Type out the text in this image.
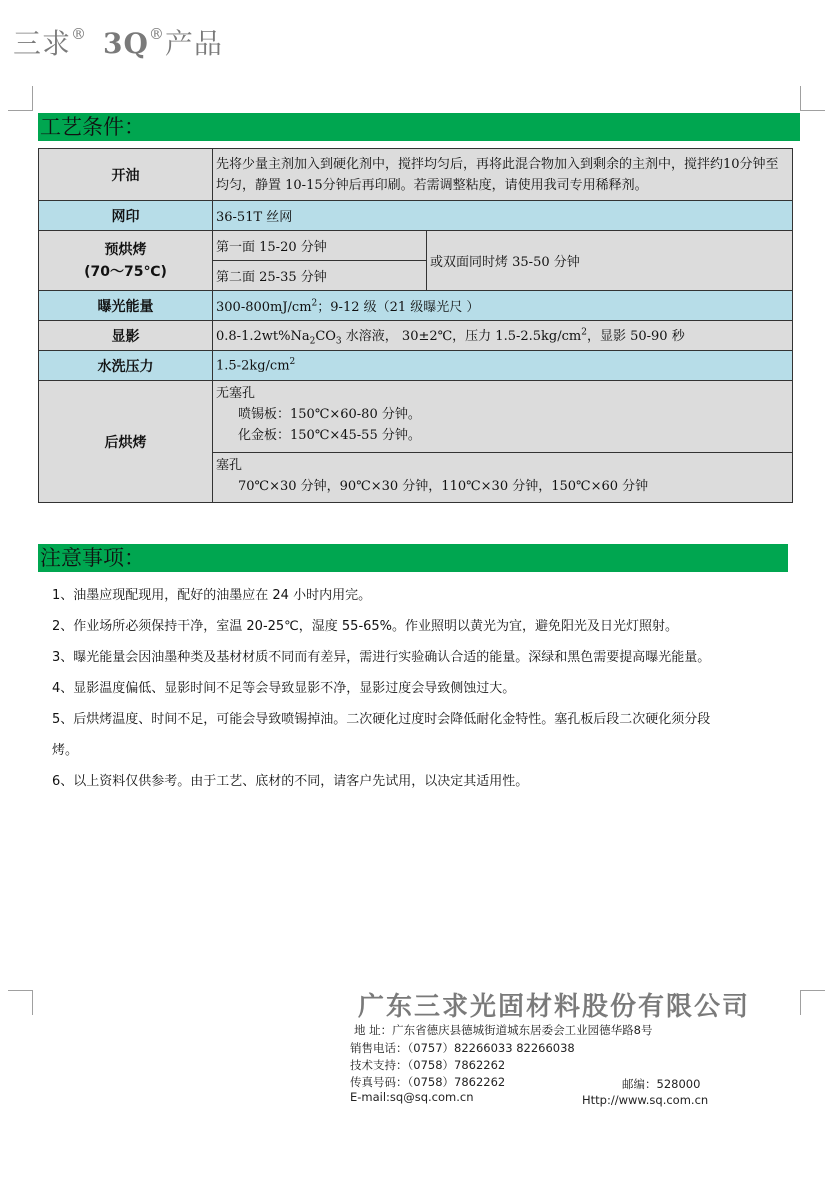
三求® 3Q®产品
工艺条件：
开油	先将少量主剂加入到硬化剂中，搅拌均匀后，再将此混合物加入到剩余的主剂中，搅拌约10分钟至均匀，静置 10-15分钟后再印刷。若需调整粘度，请使用我司专用稀释剂。	
网印	36-51T 丝网	
预烘烤
(70～75℃)	第一面 15-20 分钟	或双面同时烤 35-50 分钟
	第二面 25-35 分钟	
曝光能量	$300-800mJ/cm^2$；9-12 级（21 级曝光尺 ）	
显影	$0.8-1.2wt\%Na_2CO_3$ 水溶液， 30±2℃，压力 $1.5-2.5kg/cm^2$，显影 50-90 秒	
水洗压力	$1.5-2kg/cm^2$
后烘烤	无塞孔
喷锡板：150℃×60-80 分钟。
化金板：150℃×45-55 分钟。	

	塞孔
70℃×30 分钟，90℃×30 分钟，110℃×30 分钟，150℃×60 分钟	
注意事项：

1、油墨应现配现用，配好的油墨应在 24 小时内用完。

2、作业场所必须保持干净，室温 20-25℃，湿度 55-65%。作业照明以黄光为宜，避免阳光及日光灯照射。

3、曝光能量会因油墨种类及基材材质不同而有差异，需进行实验确认合适的能量。深绿和黑色需要提高曝光能量。

4、显影温度偏低、显影时间不足等会导致显影不净，显影过度会导致侧蚀过大。

5、后烘烤温度、时间不足，可能会导致喷锡掉油。二次硬化过度时会降低耐化金特性。塞孔板后段二次硬化须分段

烤。

6、以上资料仅供参考。由于工艺、底材的不同，请客户先试用，以决定其适用性。

广东三求光固材料股份有限公司
地 址：广东省德庆县德城街道城东居委会工业园德华路8号
销售电话：（0757）82266033 82266038
技术支持：（0758）7862262
传真号码：（0758）7862262
E-mail:sq@sq.com.cn
邮编：528000
Http://www.sq.com.cn
